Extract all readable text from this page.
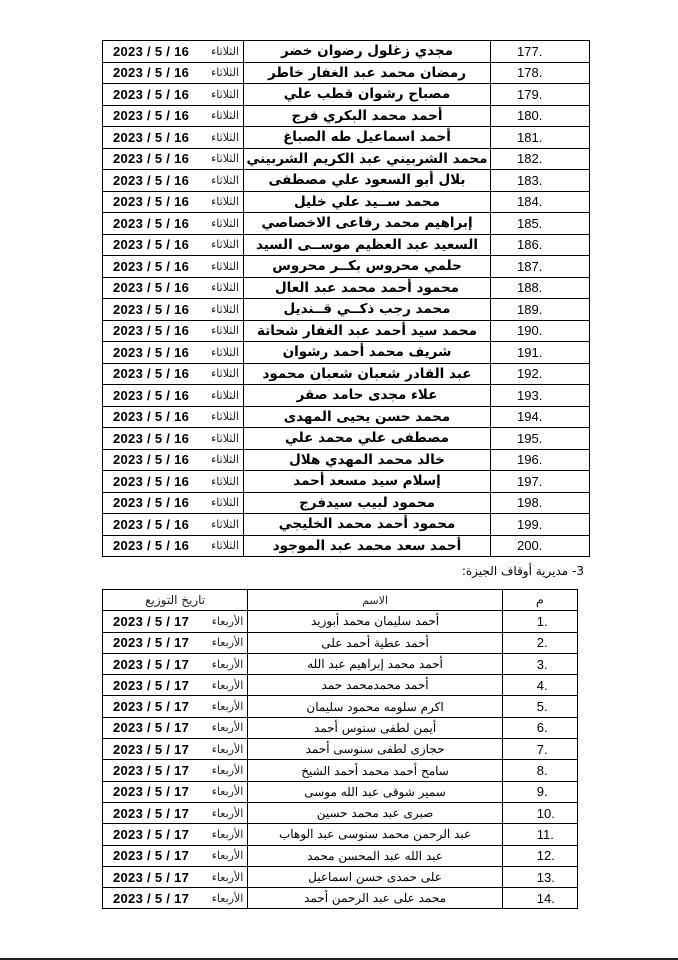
.177	مجدي زغلول رضوان خضر	2023 / 5 / 16 الثلاثاء

.178	رمضان محمد عبد الغفار خاطر	2023 / 5 / 16 الثلاثاء

.179	مصباح رشوان قطب علي	2023 / 5 / 16 الثلاثاء

.180	أحمد محمد البكري فرج	2023 / 5 / 16 الثلاثاء

.181	أحمد اسماعيل طه الصباغ	2023 / 5 / 16 الثلاثاء

.182	محمد الشربيني عبد الكريم الشربيني	2023 / 5 / 16 الثلاثاء

.183	بلال أبو السعود علي مصطفى	2023 / 5 / 16 الثلاثاء

.184	محمد ســيد علي خليل	2023 / 5 / 16 الثلاثاء

.185	إبراهيم محمد رفاعى الاخصاصي	2023 / 5 / 16 الثلاثاء

.186	السعيد عبد العظيم موســى السيد	2023 / 5 / 16 الثلاثاء

.187	حلمي محروس بكــر محروس	2023 / 5 / 16 الثلاثاء

.188	محمود أحمد محمد عبد العال	2023 / 5 / 16 الثلاثاء

.189	محمد رجب ذكــي قــنديل	2023 / 5 / 16 الثلاثاء

.190	محمد سيد أحمد عبد الغفار شحاتة	2023 / 5 / 16 الثلاثاء

.191	شريف محمد أحمد رشوان	2023 / 5 / 16 الثلاثاء

.192	عبد القادر شعبان شعبان محمود	2023 / 5 / 16 الثلاثاء

.193	علاء مجدى حامد صقر	2023 / 5 / 16 الثلاثاء

.194	محمد حسن يحيى المهدى	2023 / 5 / 16 الثلاثاء

.195	مصطفى علي محمد علي	2023 / 5 / 16 الثلاثاء

.196	خالد محمد المهدي هلال	2023 / 5 / 16 الثلاثاء

.197	إسلام سيد مسعد أحمد	2023 / 5 / 16 الثلاثاء

.198	محمود لبيب سيدفرج	2023 / 5 / 16 الثلاثاء

.199	محمود أحمد محمد الخليجي	2023 / 5 / 16 الثلاثاء

.200	أحمد سعد محمد عبد الموجود	2023 / 5 / 16 الثلاثاء
3- مديرية أوقاف الجيزة:
م	الاسم	تاريخ التوزيع
.1	أحمد سليمان محمد أبوزيد	2023 / 5 / 17 الأربعاء

.2	أحمد عطية أحمد على	2023 / 5 / 17 الأربعاء

.3	أحمد محمد إبراهيم عبد الله	2023 / 5 / 17 الأربعاء

.4	أحمد محمدمحمد حمد	2023 / 5 / 17 الأربعاء

.5	اكرم سلومه محمود سليمان	2023 / 5 / 17 الأربعاء

.6	أيمن لطفى سنوس أحمد	2023 / 5 / 17 الأربعاء

.7	حجازى لطفى سنوسى أحمد	2023 / 5 / 17 الأربعاء

.8	سامح أحمد محمد أحمد الشيخ	2023 / 5 / 17 الأربعاء

.9	سمير شوقى عبد الله موسى	2023 / 5 / 17 الأربعاء

.10	صبرى عبد محمد حسين	2023 / 5 / 17 الأربعاء

.11	عبد الرحمن محمد سنوسى عبد الوهاب	2023 / 5 / 17 الأربعاء

.12	عبد الله عبد المحسن محمد	2023 / 5 / 17 الأربعاء

.13	على حمدى حسن اسماعيل	2023 / 5 / 17 الأربعاء

.14	محمد على عبد الرحمن أحمد	2023 / 5 / 17 الأربعاء
